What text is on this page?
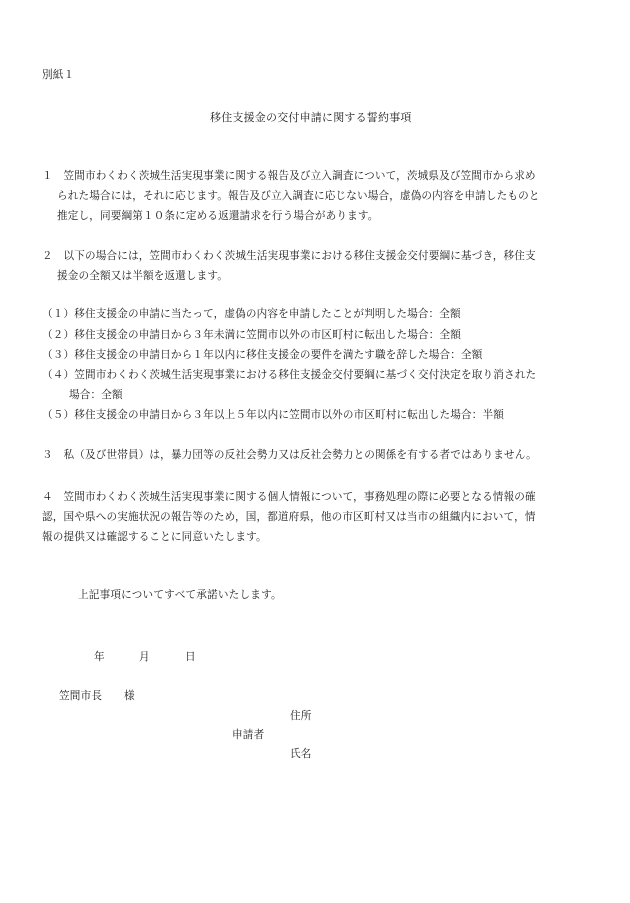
別紙１
移住支援金の交付申請に関する誓約事項
１　笠間市わくわく茨城生活実現事業に関する報告及び立入調査について，茨城県及び笠間市から求め
られた場合には，それに応じます。報告及び立入調査に応じない場合，虚偽の内容を申請したものと
推定し，同要綱第１０条に定める返還請求を行う場合があります。
２　以下の場合には，笠間市わくわく茨城生活実現事業における移住支援金交付要綱に基づき，移住支
援金の全額又は半額を返還します。
（１）移住支援金の申請に当たって，虚偽の内容を申請したことが判明した場合：全額
（２）移住支援金の申請日から３年未満に笠間市以外の市区町村に転出した場合：全額
（３）移住支援金の申請日から１年以内に移住支援金の要件を満たす職を辞した場合：全額
（４）笠間市わくわく茨城生活実現事業における移住支援金交付要綱に基づく交付決定を取り消された
場合：全額
（５）移住支援金の申請日から３年以上５年以内に笠間市以外の市区町村に転出した場合：半額
３　私（及び世帯員）は，暴力団等の反社会勢力又は反社会勢力との関係を有する者ではありません。
４　笠間市わくわく茨城生活実現事業に関する個人情報について，事務処理の際に必要となる情報の確
認，国や県への実施状況の報告等のため，国，都道府県，他の市区町村又は当市の組織内において，情
報の提供又は確認することに同意いたします。
上記事項についてすべて承諾いたします。
年	月	日
笠間市長 様
住所
申請者
氏名
